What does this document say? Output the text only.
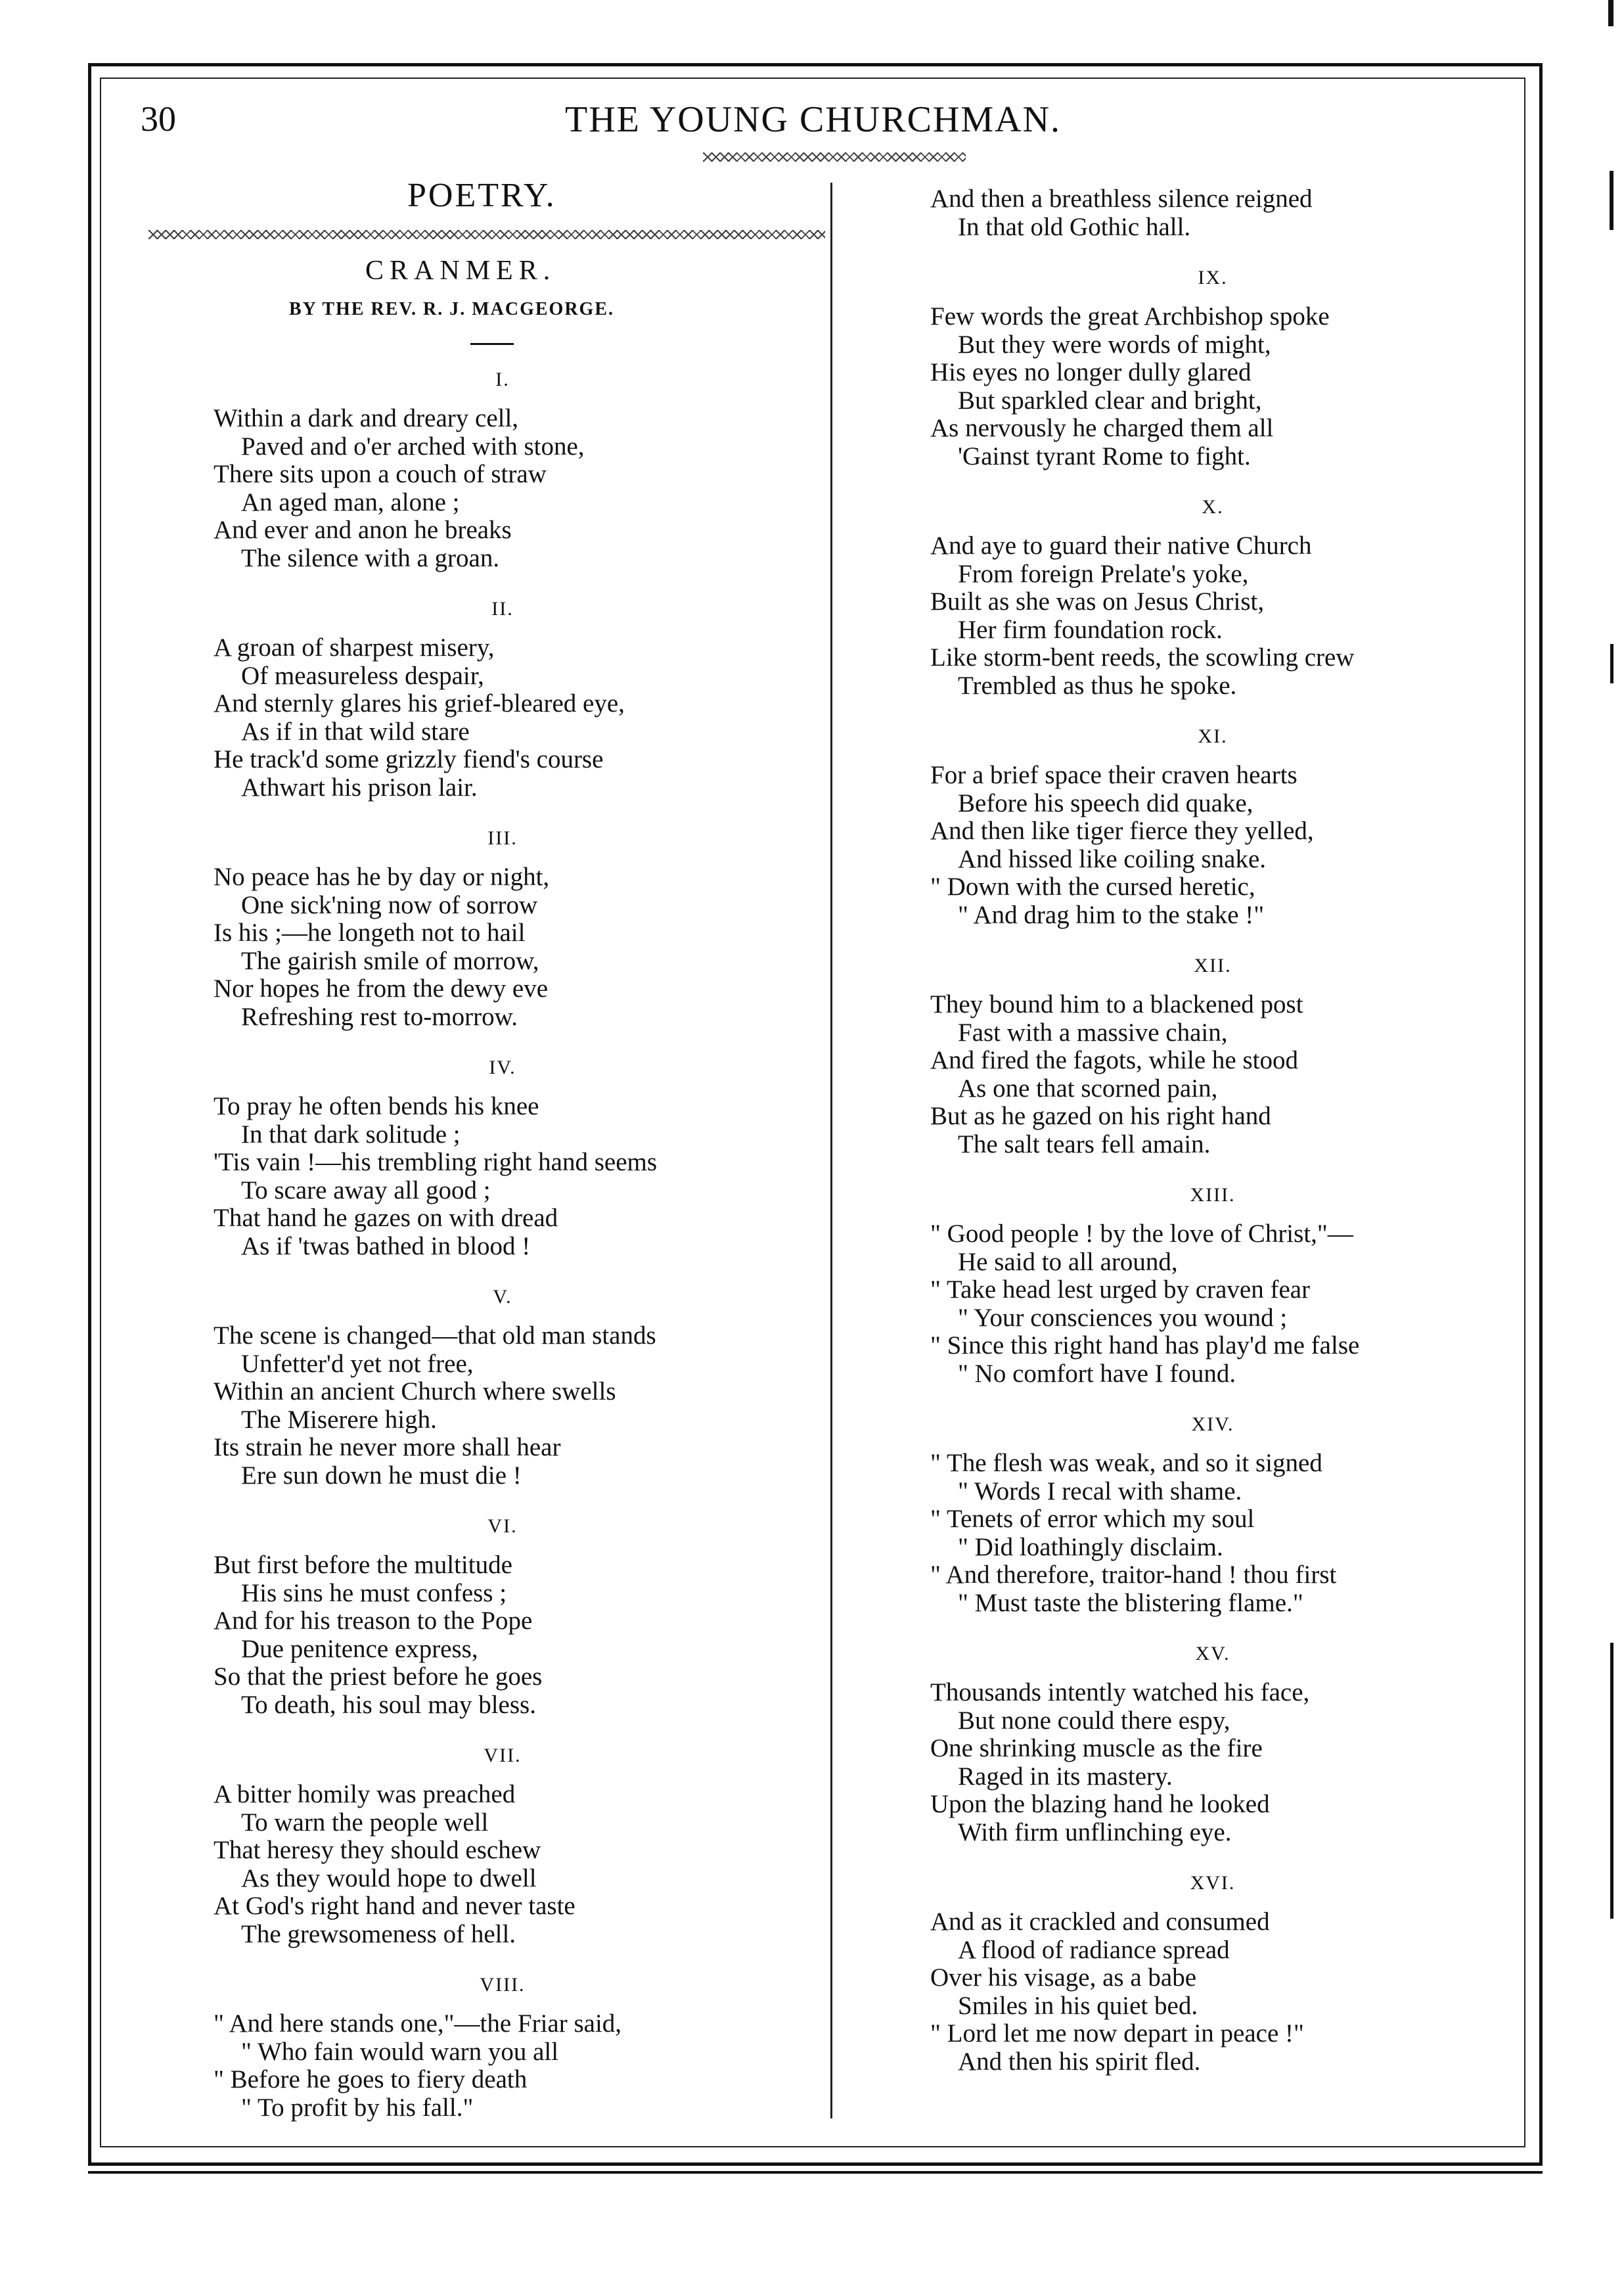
30	THE YOUNG CHURCHMAN.
POETRY.
CRANMER.
BY THE REV. R. J. MACGEORGE.
I.
Within a dark and dreary cell,
Paved and o'er arched with stone,
There sits upon a couch of straw
An aged man, alone ;
And ever and anon he breaks
The silence with a groan.
II.
A groan of sharpest misery,
Of measureless despair,
And sternly glares his grief-bleared eye,
As if in that wild stare
He track'd some grizzly fiend's course
Athwart his prison lair.
III.
No peace has he by day or night,
One sick'ning now of sorrow
Is his ;—he longeth not to hail
The gairish smile of morrow,
Nor hopes he from the dewy eve
Refreshing rest to-morrow.
IV.
To pray he often bends his knee
In that dark solitude ;
'Tis vain !—his trembling right hand seems
To scare away all good ;
That hand he gazes on with dread
As if 'twas bathed in blood !
V.
The scene is changed—that old man stands
Unfetter'd yet not free,
Within an ancient Church where swells
The Miserere high.
Its strain he never more shall hear
Ere sun down he must die !
VI.
But first before the multitude
His sins he must confess ;
And for his treason to the Pope
Due penitence express,
So that the priest before he goes
To death, his soul may bless.
VII.
A bitter homily was preached
To warn the people well
That heresy they should eschew
As they would hope to dwell
At God's right hand and never taste
The grewsomeness of hell.
VIII.
" And here stands one,"—the Friar said,
" Who fain would warn you all
" Before he goes to fiery death
" To profit by his fall."
And then a breathless silence reigned
In that old Gothic hall.
IX.
Few words the great Archbishop spoke
But they were words of might,
His eyes no longer dully glared
But sparkled clear and bright,
As nervously he charged them all
'Gainst tyrant Rome to fight.
X.
And aye to guard their native Church
From foreign Prelate's yoke,
Built as she was on Jesus Christ,
Her firm foundation rock.
Like storm-bent reeds, the scowling crew
Trembled as thus he spoke.
XI.
For a brief space their craven hearts
Before his speech did quake,
And then like tiger fierce they yelled,
And hissed like coiling snake.
" Down with the cursed heretic,
" And drag him to the stake !"
XII.
They bound him to a blackened post
Fast with a massive chain,
And fired the fagots, while he stood
As one that scorned pain,
But as he gazed on his right hand
The salt tears fell amain.
XIII.
" Good people ! by the love of Christ,"—
He said to all around,
" Take head lest urged by craven fear
" Your consciences you wound ;
" Since this right hand has play'd me false
" No comfort have I found.
XIV.
" The flesh was weak, and so it signed
" Words I recal with shame.
" Tenets of error which my soul
" Did loathingly disclaim.
" And therefore, traitor-hand ! thou first
" Must taste the blistering flame."
XV.
Thousands intently watched his face,
But none could there espy,
One shrinking muscle as the fire
Raged in its mastery.
Upon the blazing hand he looked
With firm unflinching eye.
XVI.
And as it crackled and consumed
A flood of radiance spread
Over his visage, as a babe
Smiles in his quiet bed.
" Lord let me now depart in peace !"
And then his spirit fled.
